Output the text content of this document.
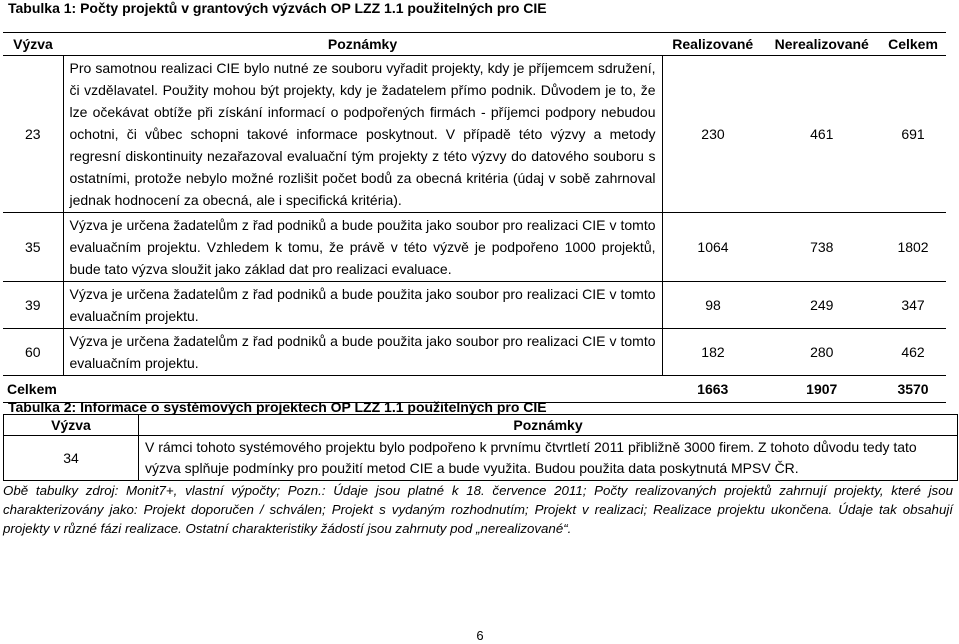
Tabulka 1: Počty projektů v grantových výzvách OP LZZ 1.1 použitelných pro CIE
Výzva	Poznámky	Realizované	Nerealizované	Celkem
23	Pro samotnou realizaci CIE bylo nutné ze souboru vyřadit projekty, kdy je příjemcem sdružení, či vzdělavatel. Použity mohou být projekty, kdy je žadatelem přímo podnik. Důvodem je to, že lze očekávat obtíže při získání informací o podpořených firmách - příjemci podpory nebudou ochotni, či vůbec schopni takové informace poskytnout. V případě této výzvy a metody regresní diskontinuity nezařazoval evaluační tým projekty z této výzvy do datového souboru s ostatními, protože nebylo možné rozlišit počet bodů za obecná kritéria (údaj v sobě zahrnoval jednak hodnocení za obecná, ale i specifická kritéria).	230	461	691
35	Výzva je určena žadatelům z řad podniků a bude použita jako soubor pro realizaci CIE v tomto evaluačním projektu. Vzhledem k tomu, že právě v této výzvě je podpořeno 1000 projektů, bude tato výzva sloužit jako základ dat pro realizaci evaluace.	1064	738	1802
39	Výzva je určena žadatelům z řad podniků a bude použita jako soubor pro realizaci CIE v tomto evaluačním projektu.	98	249	347
60	Výzva je určena žadatelům z řad podniků a bude použita jako soubor pro realizaci CIE v tomto evaluačním projektu.	182	280	462
Celkem		1663	1907	3570
Tabulka 2: Informace o systémových projektech OP LZZ 1.1 použitelných pro CIE
Výzva	Poznámky
34	V rámci tohoto systémového projektu bylo podpořeno k prvnímu čtvrtletí 2011 přibližně 3000 firem. Z tohoto důvodu tedy tato výzva splňuje podmínky pro použití metod CIE a bude využita. Budou použita data poskytnutá MPSV ČR.
Obě tabulky zdroj: Monit7+, vlastní výpočty; Pozn.: Údaje jsou platné k 18. července 2011; Počty realizovaných projektů zahrnují projekty, které jsou charakterizovány jako: Projekt doporučen / schválen; Projekt s vydaným rozhodnutím; Projekt v realizaci; Realizace projektu ukončena. Údaje tak obsahují projekty v různé fázi realizace. Ostatní charakteristiky žádostí jsou zahrnuty pod „nerealizované“.
6
